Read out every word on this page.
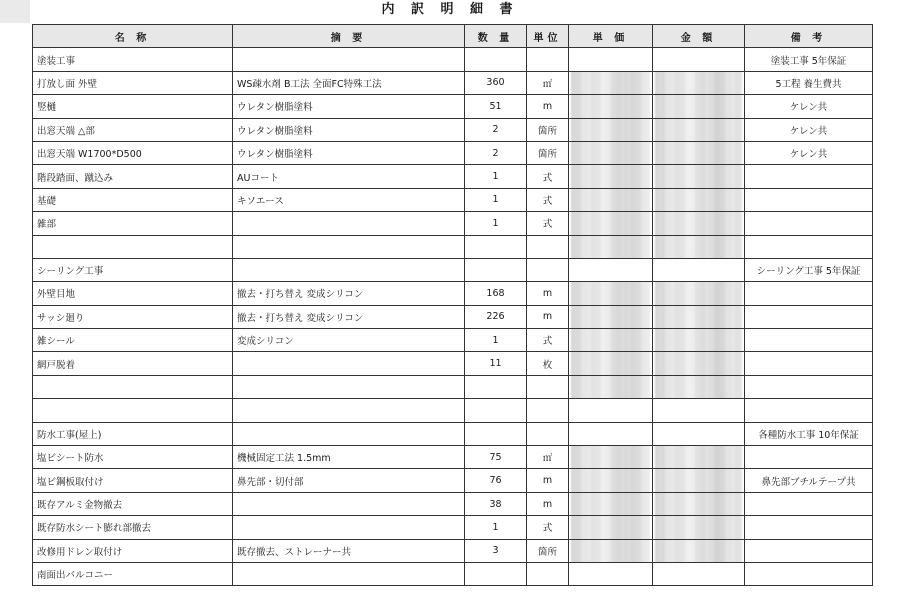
内 訳 明 細 書
名 称	摘 要	数 量	単位	単 価	金 額	備 考
塗装工事						塗装工事 5年保証
打放し面 外壁	WS疎水剤 B工法 全面FC特殊工法	360	㎡			5工程 養生費共
竪樋	ウレタン樹脂塗料	51	m			ケレン共
出窓天端 △部	ウレタン樹脂塗料	2	箇所			ケレン共
出窓天端 W1700*D500	ウレタン樹脂塗料	2	箇所			ケレン共
階段踏面、蹴込み	AUコート	1	式	

基礎	キソエース	1	式	

雑部		1	式	

シーリング工事						シーリング工事 5年保証
外壁目地	撤去・打ち替え 変成シリコン	168	m	

サッシ廻り	撤去・打ち替え 変成シリコン	226	m	

雑シール	変成シリコン	1	式	

網戸脱着		11	枚	

防水工事(屋上)						各種防水工事 10年保証
塩ビシート防水	機械固定工法 1.5mm	75	㎡	

塩ビ鋼板取付け	鼻先部・切付部	76	m			鼻先部ブチルテープ共
既存アルミ金物撤去		38	m	

既存防水シート膨れ部撤去		1	式	

改修用ドレン取付け	既存撤去、ストレーナー共	3	箇所	

南面出バルコニー						
